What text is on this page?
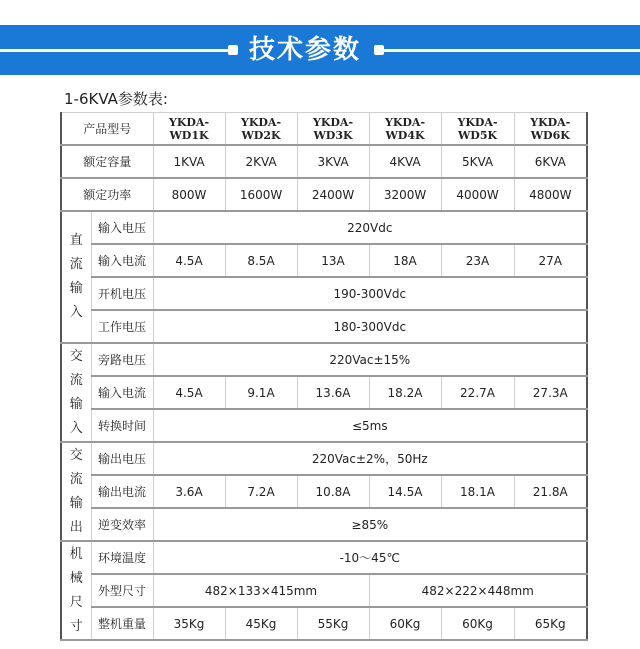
技术参数
1-6KVA参数表:
产品型号		YKDA-WD1K	YKDA-WD2K	YKDA-WD3K	YKDA-WD4K	YKDA- WD5K	YKDA-WD6K
额定容量		1KVA	2KVA	3KVA	4KVA	5KVA	6KVA
额定功率		800W	1600W	2400W	3200W	4000W	4800W
直
流
输
入	输入电压	220Vdc					
	输入电流	4.5A	8.5A	13A	18A	23A	27A
	开机电压	190-300Vdc					
	工作电压	180-300Vdc					
交
流
输
入	旁路电压	220Vac±15%					
	输入电流	4.5A	9.1A	13.6A	18.2A	22.7A	27.3A
	转换时间	≤5ms					
交
流
输
出	输出电压	220Vac±2%，50Hz					
	输出电流	3.6A	7.2A	10.8A	14.5A	18.1A	21.8A
	逆变效率	≥85%					
机
械
尺
寸	环境温度	-10～45℃					
	外型尺寸	482×133×415mm			482×222×448mm		
	整机重量	35Kg	45Kg	55Kg	60Kg	60Kg	65Kg
